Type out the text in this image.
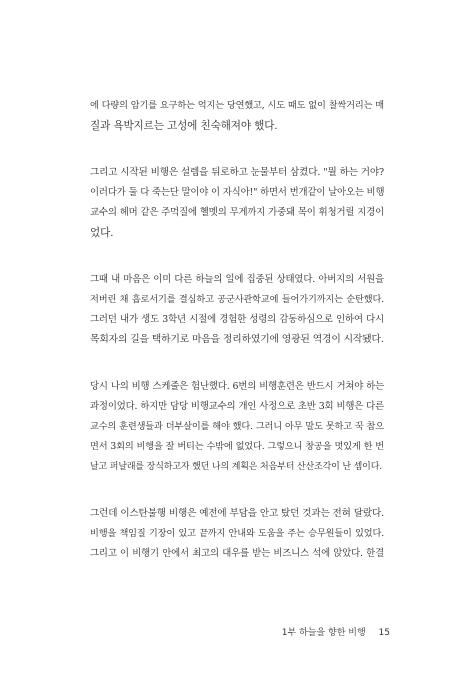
에 다량의 암기를 요구하는 억지는 당연했고, 시도 때도 없이 찰싹거리는 매
질과 욕박지르는 고성에 친숙해져야 했다.
그리고 시작된 비행은 설렘을 뒤로하고 눈물부터 삼켰다. "뭘 하는 거야?
이러다가 둘 다 죽는단 말이야 이 자식아!" 하면서 번개같이 날아오는 비행
교수의 헤머 같은 주먹질에 헬멧의 무게까지 가중돼 목이 휘청거릴 지경이
었다.
그때 내 마음은 이미 다른 하늘의 일에 집중된 상태였다. 아버지의 서원을
저버린 채 흡로서기를 결심하고 공군사관학교에 들어가기까지는 순탄했다.
그러던 내가 생도 3학년 시절에 경험한 성령의 감동하심으로 인하여 다시
목회자의 길을 택하기로 마음을 정리하였기에 영광된 역경이 시작됐다.
당시 나의 비행 스케줄은 험난했다. 6번의 비행훈련은 반드시 거쳐야 하는
과정이었다. 하지만 담당 비행교수의 개인 사정으로 초반 3회 비행은 다른
교수의 훈련생들과 더부살이를 해야 했다. 그러니 아무 말도 못하고 꾹 참으
면서 3회의 비행을 잘 버티는 수밖에 없었다. 그렇으니 창공을 멋있게 한 번
날고 퍼날래를 장식하고자 했던 나의 계획은 처음부터 산산조각이 난 셈이다.
그런데 이스탄불행 비행은 예전에 부담을 안고 탔던 것과는 전혀 달랐다.
비행을 책임질 기장이 있고 끝까지 안내와 도움을 주는 승무원들이 있었다.
그리고 이 비행기 안에서 최고의 대우를 받는 비즈니스 석에 앉았다. 한결
1부 하늘을 향한 비행 15
